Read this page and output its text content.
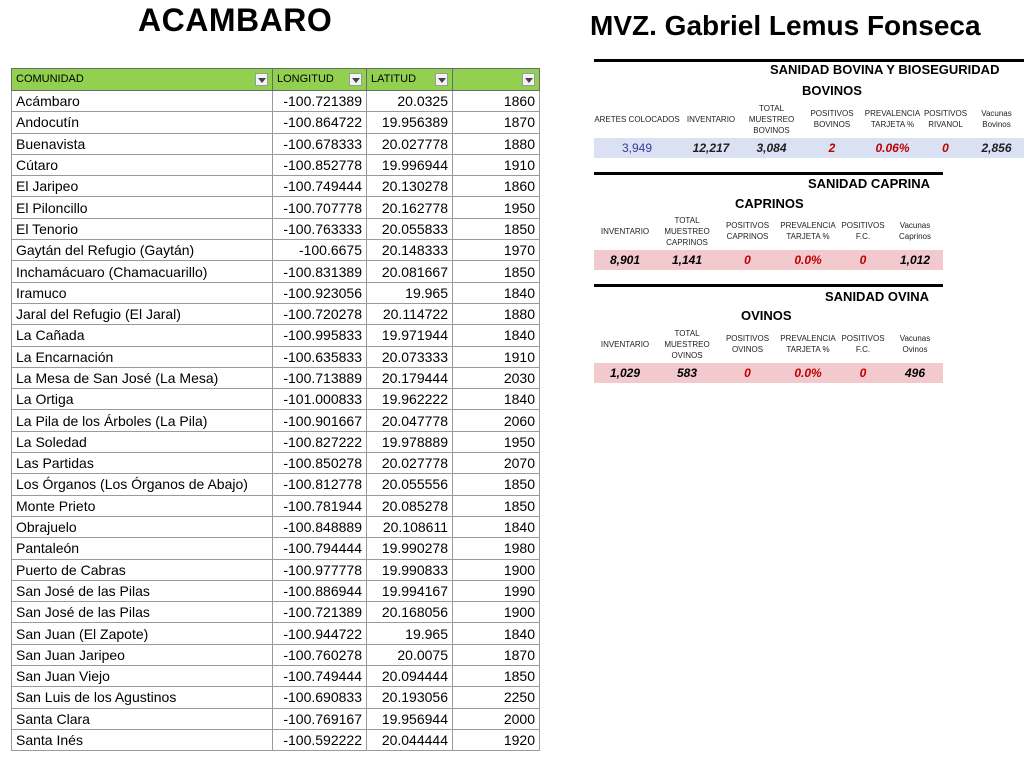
ACAMBARO	MVZ. Gabriel Lemus Fonseca
COMUNIDAD	LONGITUD	LATITUD	

Acámbaro	-100.721389	20.0325	1860
Andocutín	-100.864722	19.956389	1870
Buenavista	-100.678333	20.027778	1880
Cútaro	-100.852778	19.996944	1910
El Jaripeo	-100.749444	20.130278	1860
El Piloncillo	-100.707778	20.162778	1950
El Tenorio	-100.763333	20.055833	1850
Gaytán del Refugio (Gaytán)	-100.6675	20.148333	1970
Inchamácuaro (Chamacuarillo)	-100.831389	20.081667	1850
Iramuco	-100.923056	19.965	1840
Jaral del Refugio (El Jaral)	-100.720278	20.114722	1880
La Cañada	-100.995833	19.971944	1840
La Encarnación	-100.635833	20.073333	1910
La Mesa de San José (La Mesa)	-100.713889	20.179444	2030
La Ortiga	-101.000833	19.962222	1840
La Pila de los Árboles (La Pila)	-100.901667	20.047778	2060
La Soledad	-100.827222	19.978889	1950
Las Partidas	-100.850278	20.027778	2070
Los Órganos (Los Órganos de Abajo)	-100.812778	20.055556	1850
Monte Prieto	-100.781944	20.085278	1850
Obrajuelo	-100.848889	20.108611	1840
Pantaleón	-100.794444	19.990278	1980
Puerto de Cabras	-100.977778	19.990833	1900
San José de las Pilas	-100.886944	19.994167	1990
San José de las Pilas	-100.721389	20.168056	1900
San Juan (El Zapote)	-100.944722	19.965	1840
San Juan Jaripeo	-100.760278	20.0075	1870
San Juan Viejo	-100.749444	20.094444	1850
San Luis de los Agustinos	-100.690833	20.193056	2250
Santa Clara	-100.769167	19.956944	2000
Santa Inés	-100.592222	20.044444	1920
SANIDAD BOVINA Y BIOSEGURIDAD
BOVINOS
ARETES COLOCADOS	INVENTARIO	TOTAL MUESTREO BOVINOS	POSITIVOS BOVINOS	PREVALENCIA TARJETA %	POSITIVOS RIVANOL	Vacunas Bovinos
3,949	12,217	3,084	2	0.06%	0	2,856
SANIDAD CAPRINA
CAPRINOS
INVENTARIO	TOTAL MUESTREO CAPRINOS	POSITIVOS CAPRINOS	PREVALENCIA TARJETA %	POSITIVOS F.C.	Vacunas Caprinos
8,901	1,141	0	0.0%	0	1,012
SANIDAD OVINA
OVINOS
INVENTARIO	TOTAL MUESTREO OVINOS	POSITIVOS OVINOS	PREVALENCIA TARJETA %	POSITIVOS F.C.	Vacunas Ovinos
1,029	583	0	0.0%	0	496
